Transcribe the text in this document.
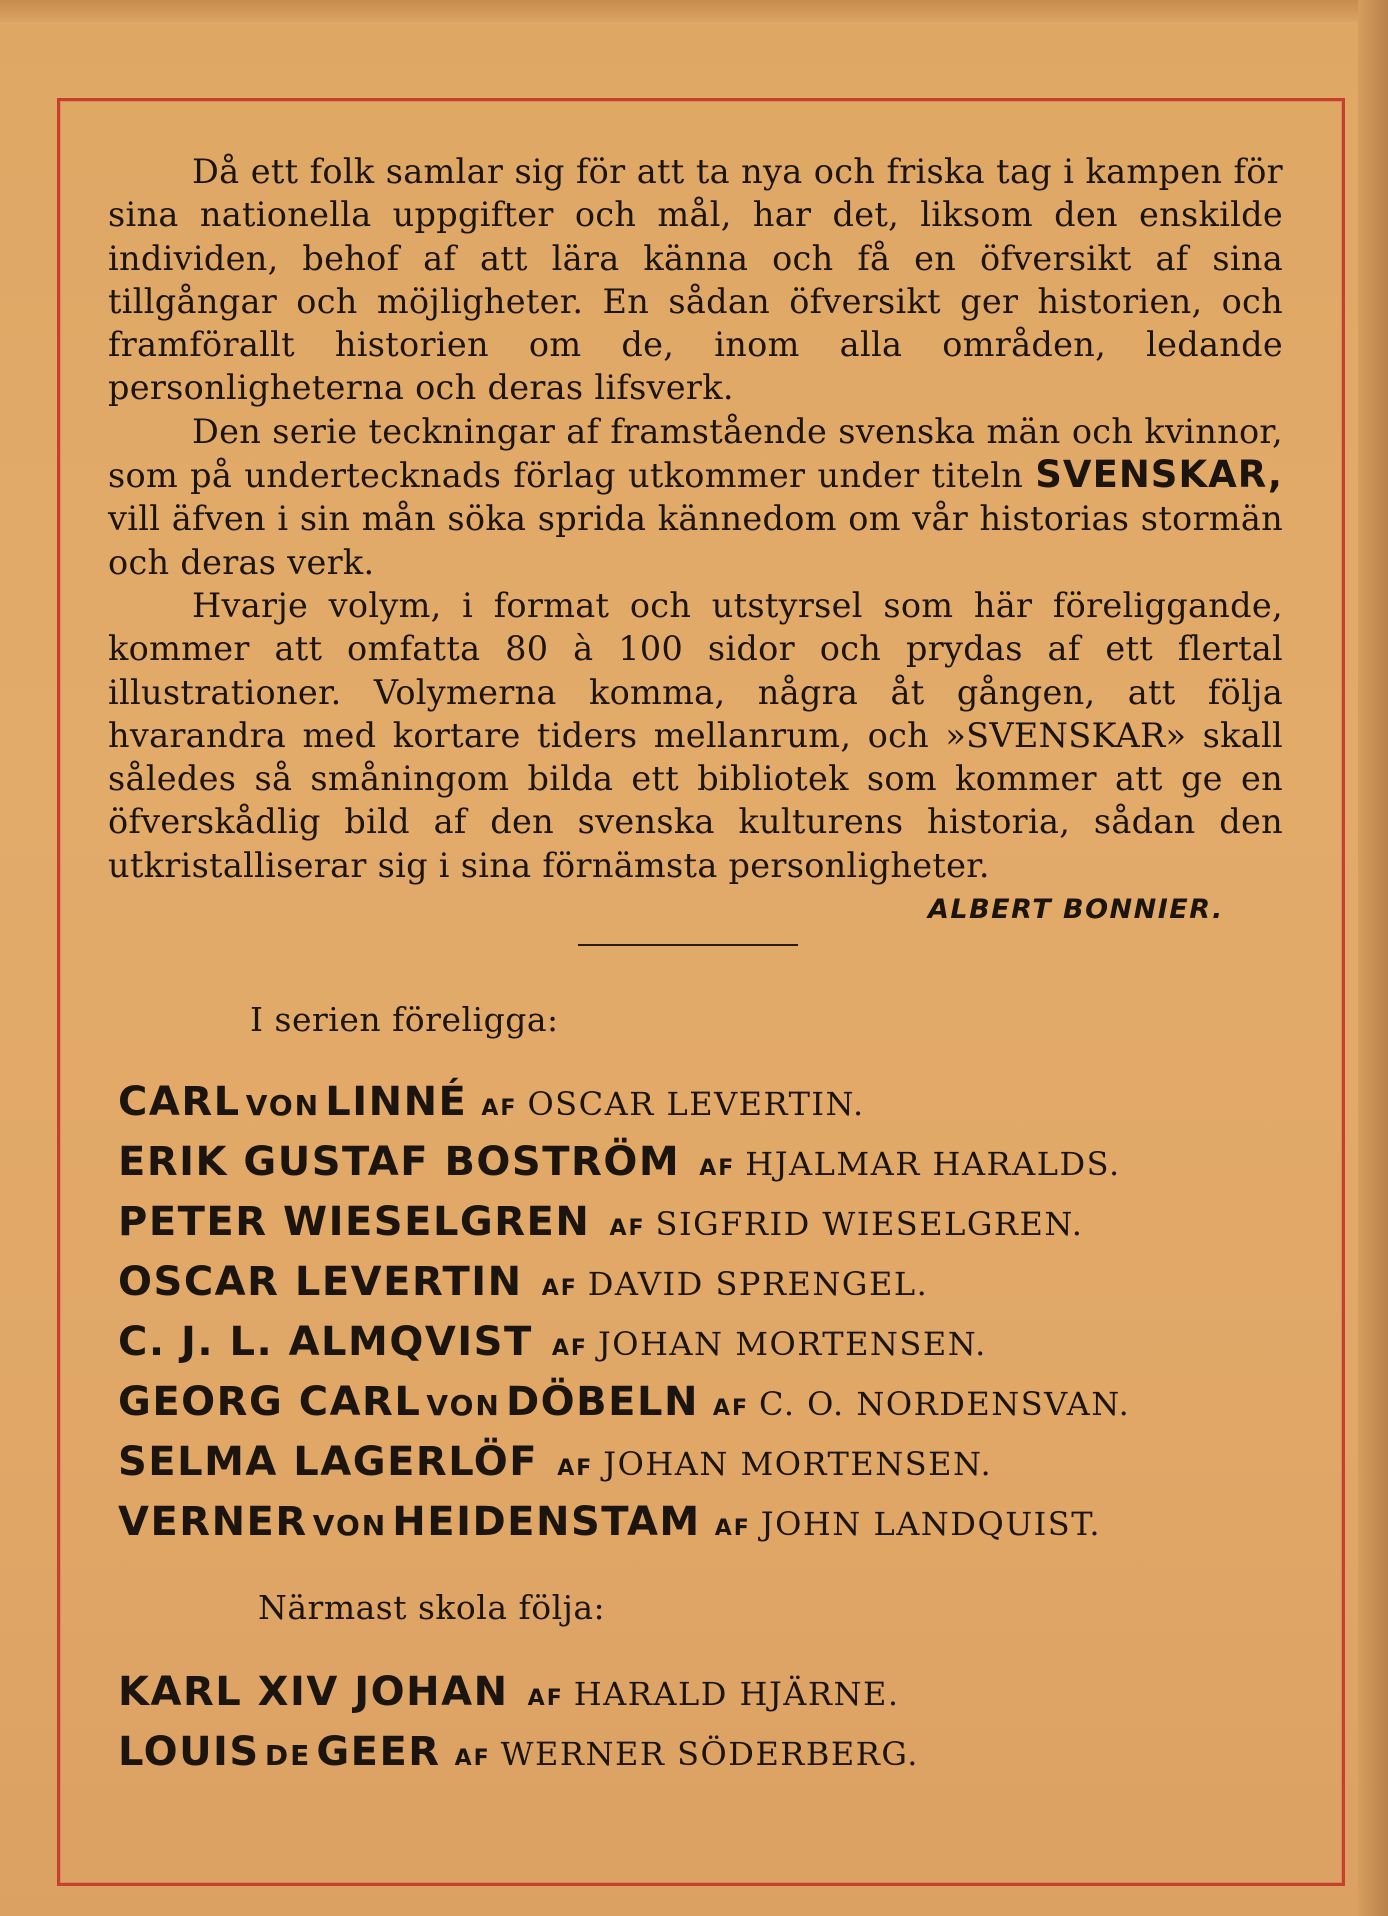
Då ett folk samlar sig för att ta nya och friska tag i kampen för sina nationella uppgifter och mål, har det, liksom den enskilde individen, behof af att lära känna och få en öfversikt af sina tillgångar och möjligheter. En sådan öfversikt ger historien, och framförallt historien om de, inom alla områden, ledande personligheterna och deras lifsverk.

Den serie teckningar af framstående svenska män och kvinnor, som på undertecknads förlag utkommer under titeln SVENSKAR, vill äfven i sin mån söka sprida kännedom om vår historias stormän och deras verk.

Hvarje volym, i format och utstyrsel som här föreliggande, kommer att omfatta 80 à 100 sidor och prydas af ett flertal illustrationer. Volymerna komma, några åt gången, att följa hvarandra med kortare tiders mellanrum, och »SVENSKAR» skall således så småningom bilda ett bibliotek som kommer att ge en öfverskådlig bild af den svenska kulturens historia, sådan den utkristalliserar sig i sina förnämsta personligheter.

ALBERT BONNIER.
I serien föreligga:
CARL VON LINNÉ AF OSCAR LEVERTIN.
ERIK GUSTAF BOSTRÖM AF HJALMAR HARALDS.
PETER WIESELGREN AF SIGFRID WIESELGREN.
OSCAR LEVERTIN AF DAVID SPRENGEL.
C. J. L. ALMQVIST AF JOHAN MORTENSEN.
GEORG CARL VON DÖBELN AF C. O. NORDENSVAN.
SELMA LAGERLÖF AF JOHAN MORTENSEN.
VERNER VON HEIDENSTAM AF JOHN LANDQUIST.
Närmast skola följa:
KARL XIV JOHAN AF HARALD HJÄRNE.
LOUIS DE GEER AF WERNER SÖDERBERG.
